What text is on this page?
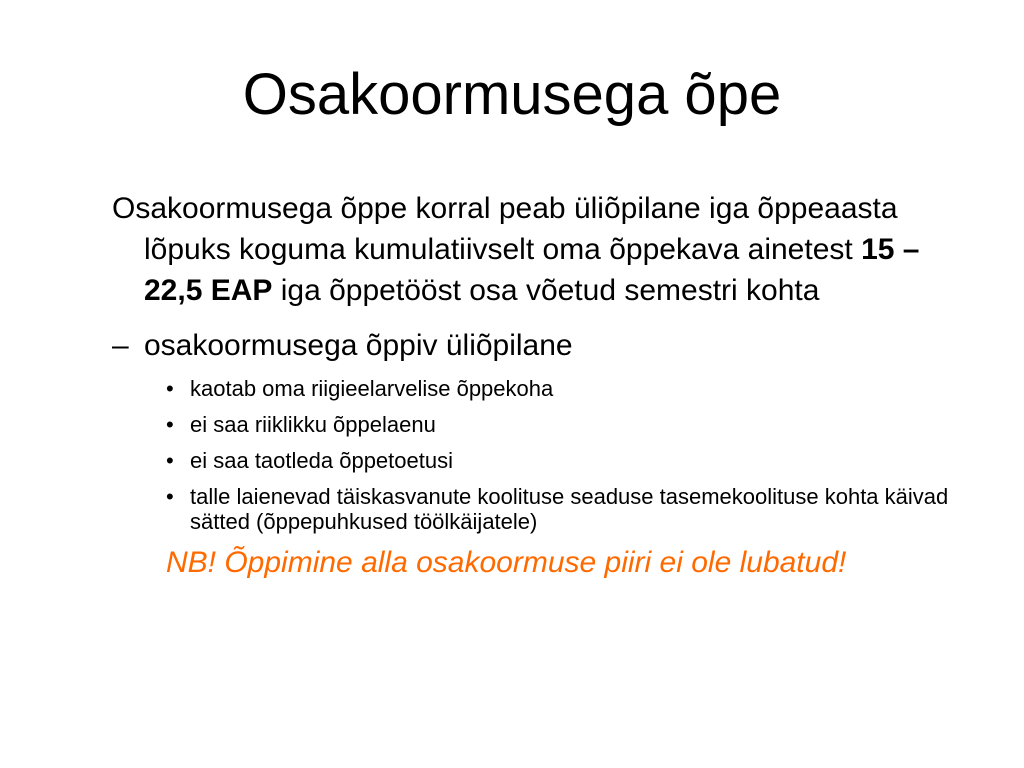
Osakoormusega õpe

Osakoormusega õppe korral peab üliõpilane iga õppeaasta lõpuks koguma kumulatiivselt oma õppekava ainetest 15 – 22,5 EAP iga õppetööst osa võetud semestri kohta

– osakoormusega õppiv üliõpilane
• kaotab oma riigieelarvelise õppekoha
• ei saa riiklikku õppelaenu
• ei saa taotleda õppetoetusi
• talle laienevad täiskasvanute koolituse seaduse tasemekoolituse kohta käivad sätted (õppepuhkused töölkäijatele)
NB! Õppimine alla osakoormuse piiri ei ole lubatud!
